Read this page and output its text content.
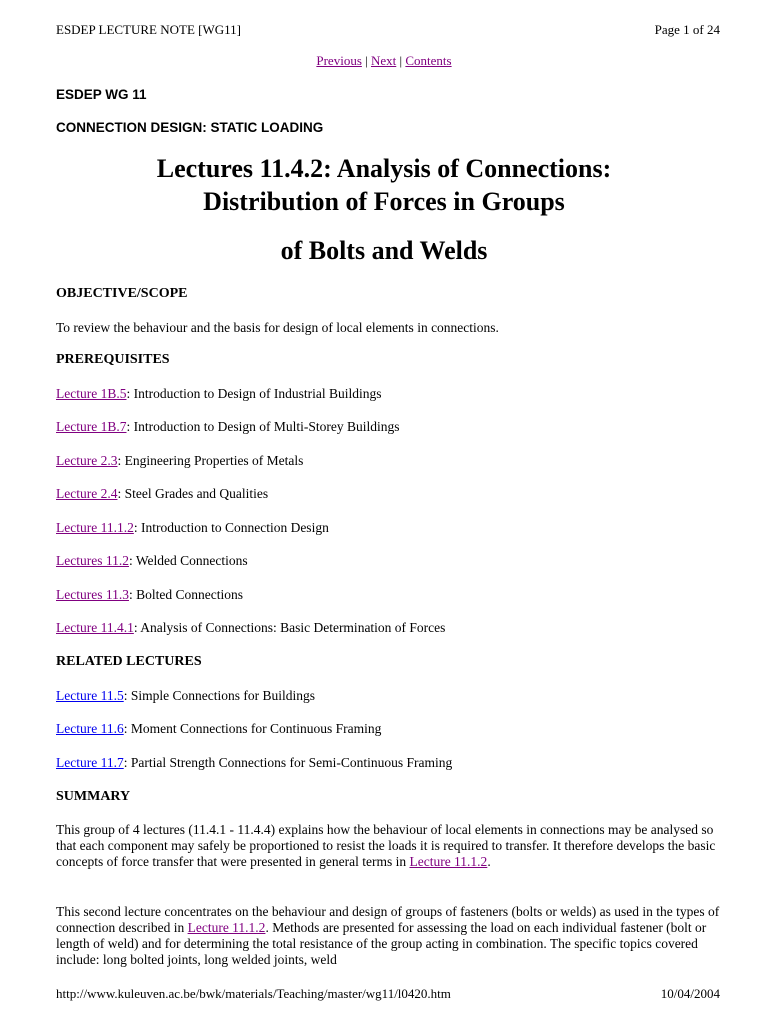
ESDEP LECTURE NOTE [WG11]	Page 1 of 24
Previous | Next | Contents
ESDEP WG 11
CONNECTION DESIGN: STATIC LOADING
Lectures 11.4.2: Analysis of Connections:
Distribution of Forces in Groups
of Bolts and Welds
OBJECTIVE/SCOPE
To review the behaviour and the basis for design of local elements in connections.
PREREQUISITES
Lecture 1B.5: Introduction to Design of Industrial Buildings
Lecture 1B.7: Introduction to Design of Multi-Storey Buildings
Lecture 2.3: Engineering Properties of Metals
Lecture 2.4: Steel Grades and Qualities
Lecture 11.1.2: Introduction to Connection Design
Lectures 11.2: Welded Connections
Lectures 11.3: Bolted Connections
Lecture 11.4.1: Analysis of Connections: Basic Determination of Forces
RELATED LECTURES
Lecture 11.5: Simple Connections for Buildings
Lecture 11.6: Moment Connections for Continuous Framing
Lecture 11.7: Partial Strength Connections for Semi-Continuous Framing
SUMMARY
This group of 4 lectures (11.4.1 - 11.4.4) explains how the behaviour of local elements in connections may be analysed so that each component may safely be proportioned to resist the loads it is required to transfer. It therefore develops the basic concepts of force transfer that were presented in general terms in Lecture 11.1.2.
This second lecture concentrates on the behaviour and design of groups of fasteners (bolts or welds) as used in the types of connection described in Lecture 11.1.2. Methods are presented for assessing the load on each individual fastener (bolt or length of weld) and for determining the total resistance of the group acting in combination. The specific topics covered include: long bolted joints, long welded joints, weld
http://www.kuleuven.ac.be/bwk/materials/Teaching/master/wg11/l0420.htm	10/04/2004
